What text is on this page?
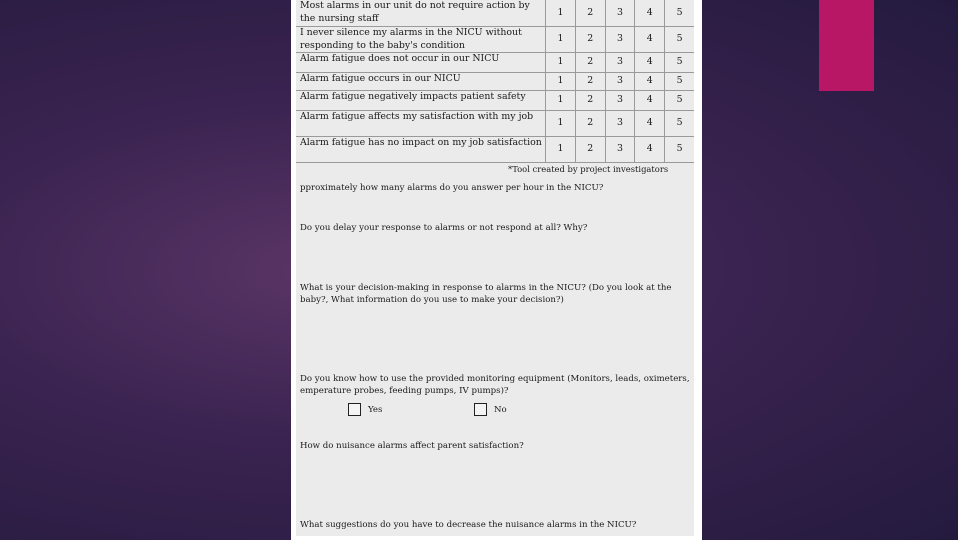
Most alarms in our unit do not require action by the nursing staff	1	2	3	4	5
I never silence my alarms in the NICU without responding to the baby's condition	1	2	3	4	5
Alarm fatigue does not occur in our NICU	1	2	3	4	5
Alarm fatigue occurs in our NICU	1	2	3	4	5
Alarm fatigue negatively impacts patient safety	1	2	3	4	5
Alarm fatigue affects my satisfaction with my job	1	2	3	4	5
Alarm fatigue has no impact on my job satisfaction	1	2	3	4	5
*Tool created by project investigators
pproximately how many alarms do you answer per hour in the NICU?
Do you delay your response to alarms or not respond at all? Why?
What is your decision-making in response to alarms in the NICU? (Do you look at the baby?, What information do you use to make your decision?)
Do you know how to use the provided monitoring equipment (Monitors, leads, oximeters, emperature probes, feeding pumps, IV pumps)?
Yes	No
How do nuisance alarms affect parent satisfaction?
What suggestions do you have to decrease the nuisance alarms in the NICU?
